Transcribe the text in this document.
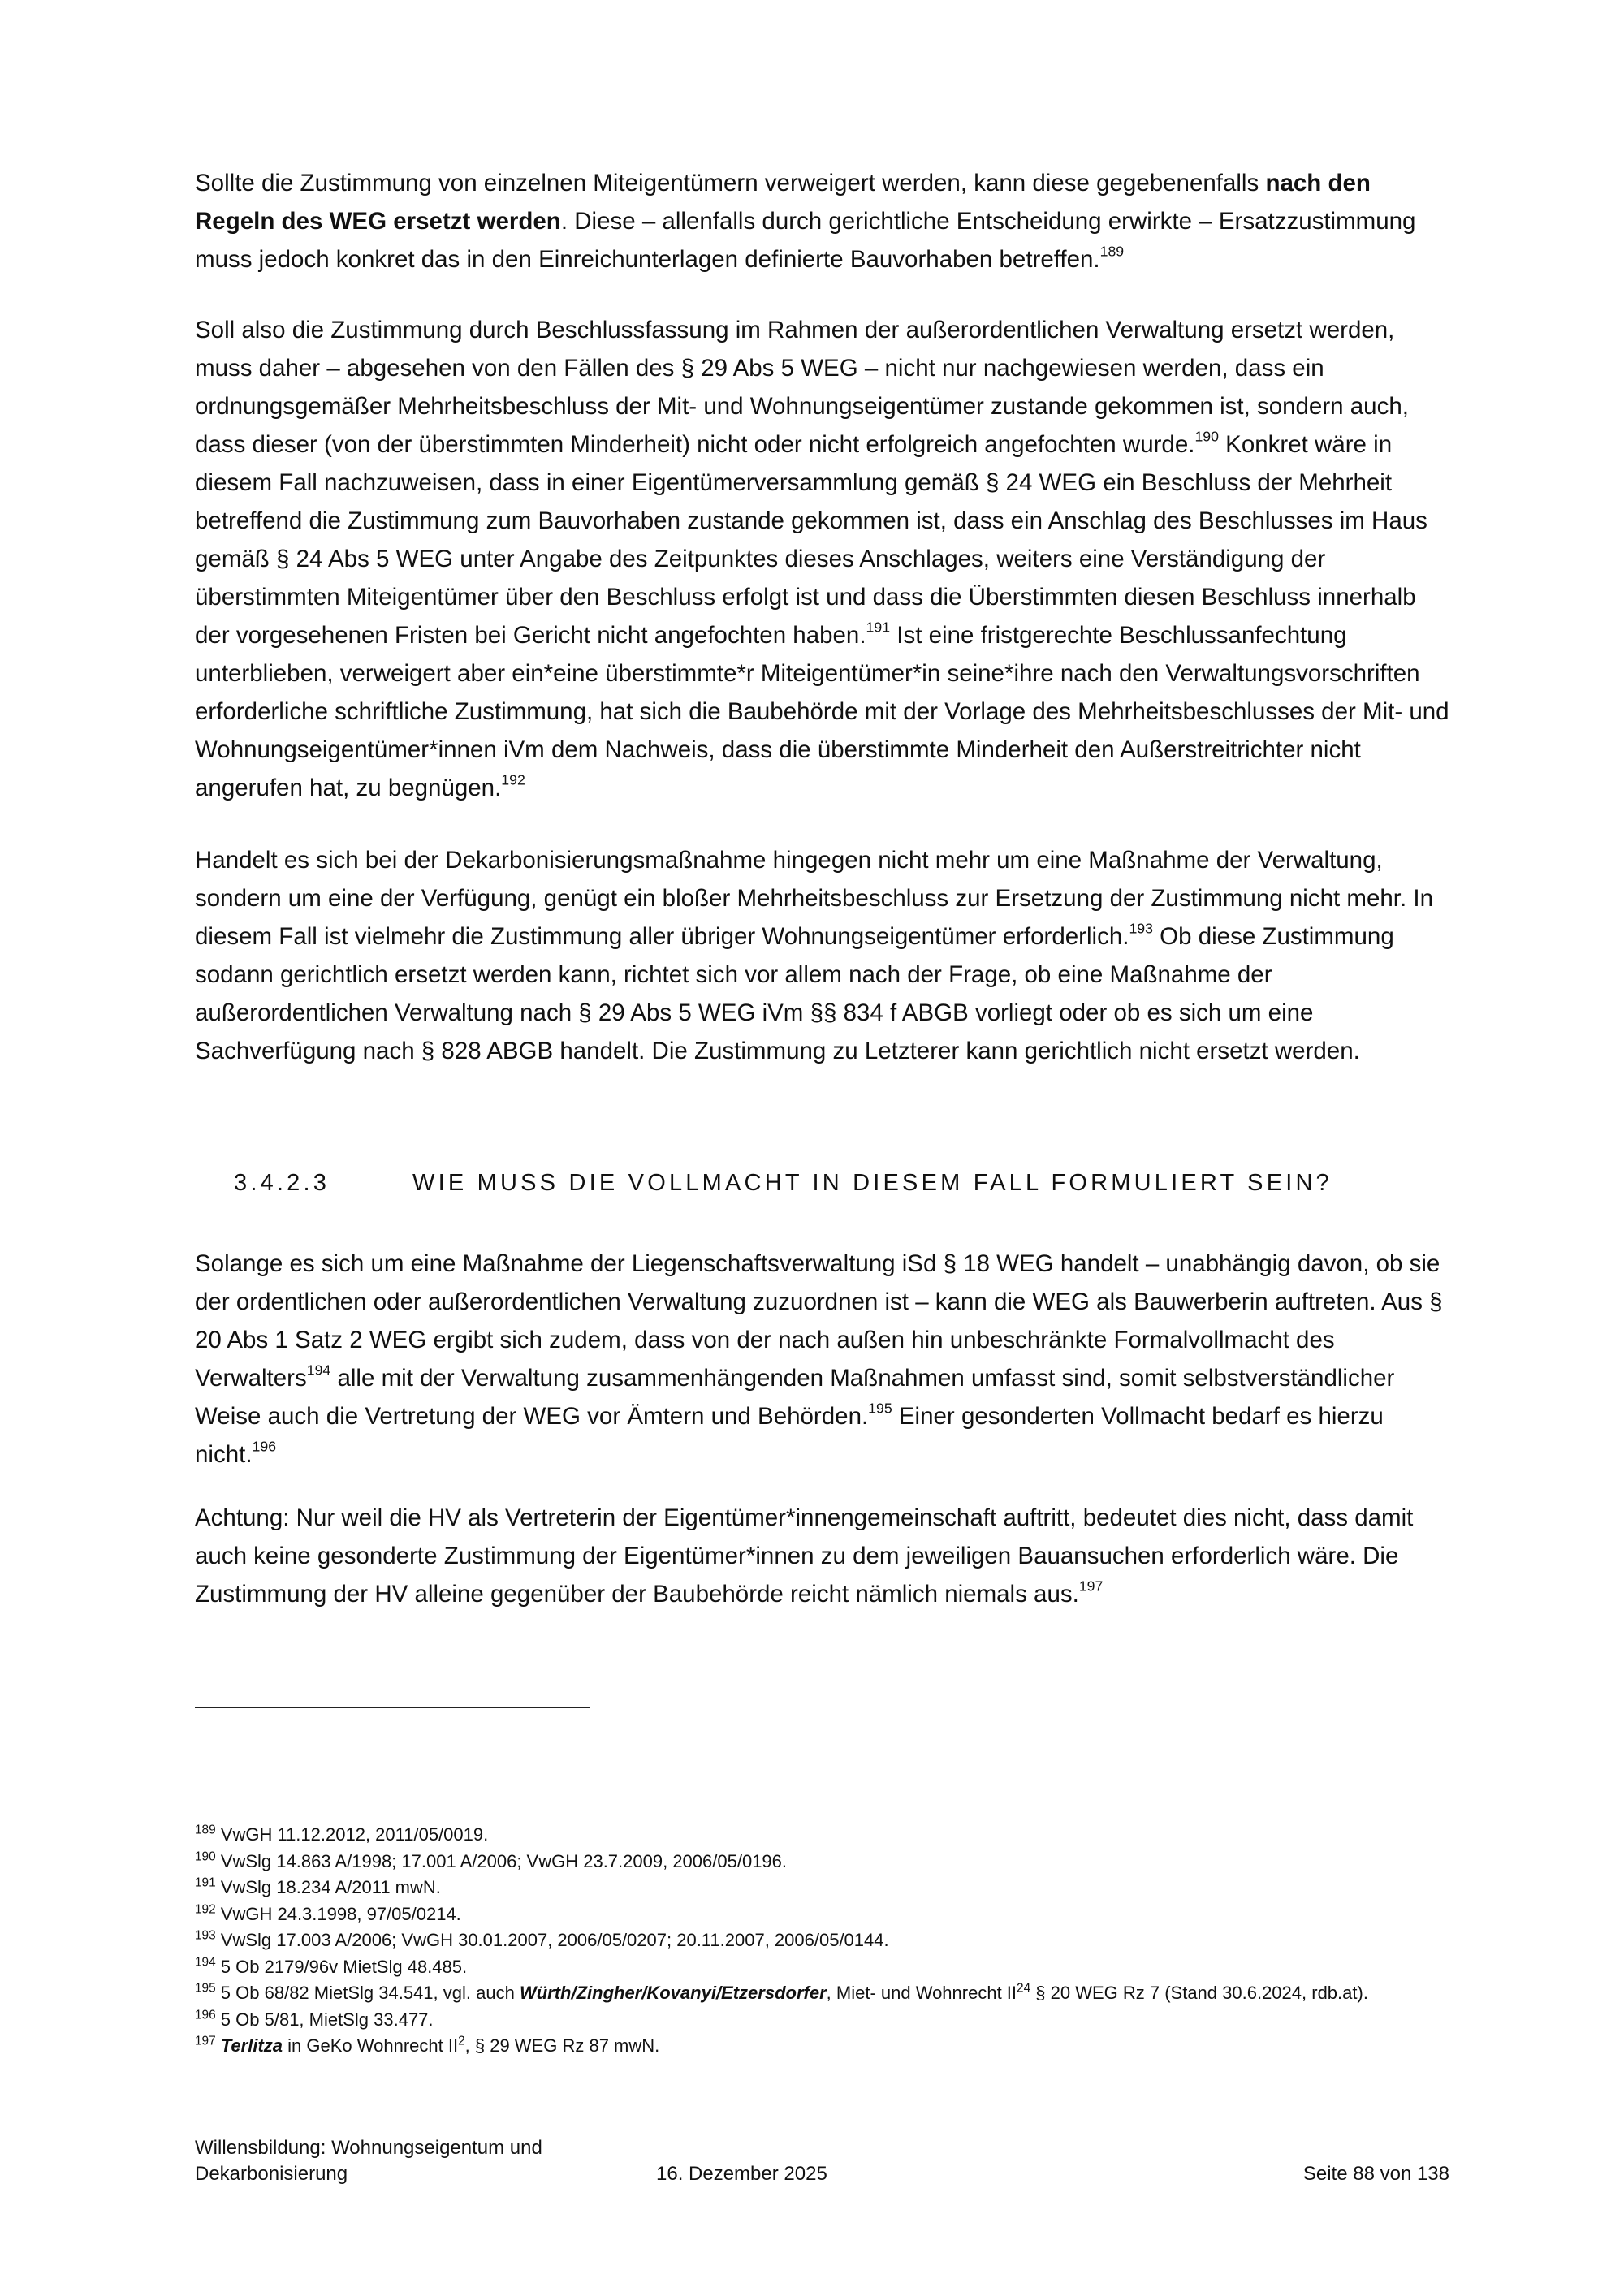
Sollte die Zustimmung von einzelnen Miteigentümern verweigert werden, kann diese gegebenenfalls nach den Regeln des WEG ersetzt werden. Diese – allenfalls durch gerichtliche Entscheidung erwirkte – Ersatzzustimmung muss jedoch konkret das in den Einreichunterlagen definierte Bauvorhaben betreffen.$^{189}$

Soll also die Zustimmung durch Beschlussfassung im Rahmen der außerordentlichen Verwaltung ersetzt werden, muss daher – abgesehen von den Fällen des § 29 Abs 5 WEG – nicht nur nachgewiesen werden, dass ein ordnungsgemäßer Mehrheitsbeschluss der Mit- und Wohnungseigentümer zustande gekommen ist, sondern auch, dass dieser (von der überstimmten Minderheit) nicht oder nicht erfolgreich angefochten wurde.$^{190}$ Konkret wäre in diesem Fall nachzuweisen, dass in einer Eigentümerversammlung gemäß § 24 WEG ein Beschluss der Mehrheit betreffend die Zustimmung zum Bauvorhaben zustande gekommen ist, dass ein Anschlag des Beschlusses im Haus gemäß § 24 Abs 5 WEG unter Angabe des Zeitpunktes dieses Anschlages, weiters eine Verständigung der überstimmten Miteigentümer über den Beschluss erfolgt ist und dass die Überstimmten diesen Beschluss innerhalb der vorgesehenen Fristen bei Gericht nicht angefochten haben.$^{191}$ Ist eine fristgerechte Beschlussanfechtung unterblieben, verweigert aber ein*eine überstimmte*r Miteigentümer*in seine*ihre nach den Verwaltungsvorschriften erforderliche schriftliche Zustimmung, hat sich die Baubehörde mit der Vorlage des Mehrheitsbeschlusses der Mit- und Wohnungseigentümer*innen iVm dem Nachweis, dass die überstimmte Minderheit den Außerstreitrichter nicht angerufen hat, zu begnügen.$^{192}$

Handelt es sich bei der Dekarbonisierungsmaßnahme hingegen nicht mehr um eine Maßnahme der Verwaltung, sondern um eine der Verfügung, genügt ein bloßer Mehrheitsbeschluss zur Ersetzung der Zustimmung nicht mehr. In diesem Fall ist vielmehr die Zustimmung aller übriger Wohnungseigentümer erforderlich.$^{193}$ Ob diese Zustimmung sodann gerichtlich ersetzt werden kann, richtet sich vor allem nach der Frage, ob eine Maßnahme der außerordentlichen Verwaltung nach § 29 Abs 5 WEG iVm §§ 834 f ABGB vorliegt oder ob es sich um eine Sachverfügung nach § 828 ABGB handelt. Die Zustimmung zu Letzterer kann gerichtlich nicht ersetzt werden.

3.4.2.3	WIE MUSS DIE VOLLMACHT IN DIESEM FALL FORMULIERT SEIN?

Solange es sich um eine Maßnahme der Liegenschaftsverwaltung iSd § 18 WEG handelt – unabhängig davon, ob sie der ordentlichen oder außerordentlichen Verwaltung zuzuordnen ist – kann die WEG als Bauwerberin auftreten. Aus § 20 Abs 1 Satz 2 WEG ergibt sich zudem, dass von der nach außen hin unbeschränkte Formalvollmacht des Verwalters$^{194}$ alle mit der Verwaltung zusammenhängenden Maßnahmen umfasst sind, somit selbstverständlicher Weise auch die Vertretung der WEG vor Ämtern und Behörden.$^{195}$ Einer gesonderten Vollmacht bedarf es hierzu nicht.$^{196}$

Achtung: Nur weil die HV als Vertreterin der Eigentümer*innengemeinschaft auftritt, bedeutet dies nicht, dass damit auch keine gesonderte Zustimmung der Eigentümer*innen zu dem jeweiligen Bauansuchen erforderlich wäre. Die Zustimmung der HV alleine gegenüber der Baubehörde reicht nämlich niemals aus.$^{197}$

$^{189}$ VwGH 11.12.2012, 2011/05/0019.

$^{190}$ VwSlg 14.863 A/1998; 17.001 A/2006; VwGH 23.7.2009, 2006/05/0196.

$^{191}$ VwSlg 18.234 A/2011 mwN.

$^{192}$ VwGH 24.3.1998, 97/05/0214.

$^{193}$ VwSlg 17.003 A/2006; VwGH 30.01.2007, 2006/05/0207; 20.11.2007, 2006/05/0144.

$^{194}$ 5 Ob 2179/96v MietSlg 48.485.

$^{195}$ 5 Ob 68/82 MietSlg 34.541, vgl. auch Würth/Zingher/Kovanyi/Etzersdorfer, Miet- und Wohnrecht II$^{24}$ § 20 WEG Rz 7 (Stand 30.6.2024, rdb.at).

$^{196}$ 5 Ob 5/81, MietSlg 33.477.

$^{197}$ Terlitza in GeKo Wohnrecht $II^2$, § 29 WEG Rz 87 mwN.

Willensbildung: Wohnungseigentum und
Dekarbonisierung	16. Dezember 2025	Seite 88 von 138
